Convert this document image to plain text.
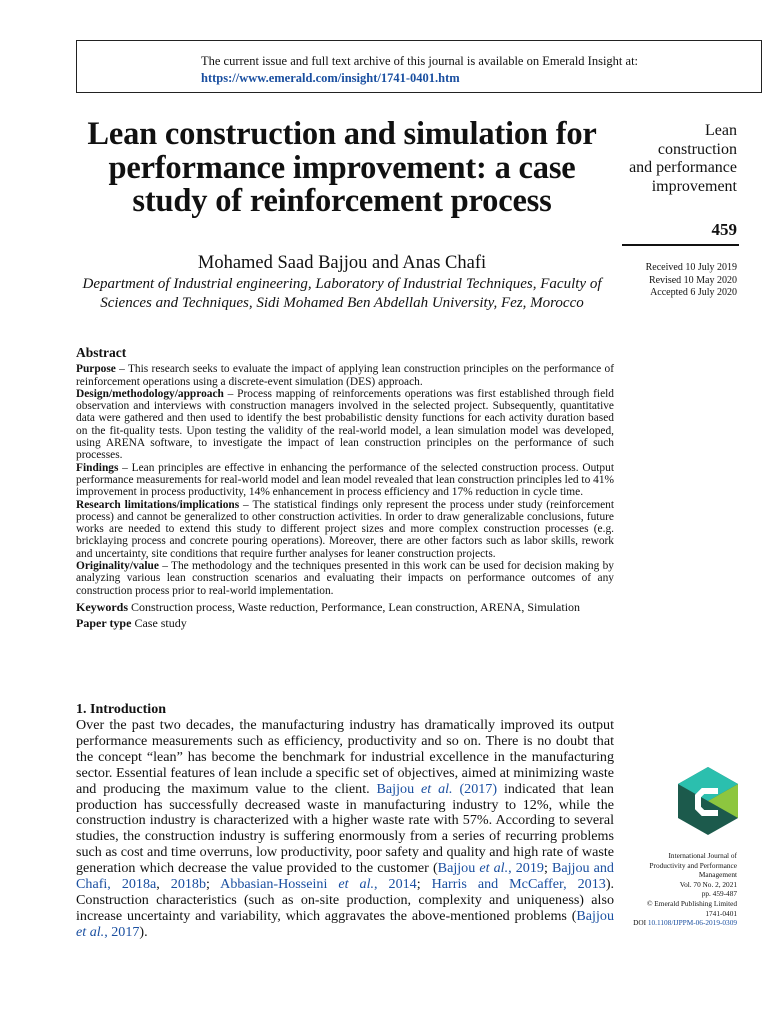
The current issue and full text archive of this journal is available on Emerald Insight at:
https://www.emerald.com/insight/1741-0401.htm
Lean construction and simulation for performance improvement: a case study of reinforcement process
Mohamed Saad Bajjou and Anas Chafi
Department of Industrial engineering, Laboratory of Industrial Techniques, Faculty of Sciences and Techniques, Sidi Mohamed Ben Abdellah University, Fez, Morocco
Lean
construction
and performance
improvement
459
Received 10 July 2019
Revised 10 May 2020
Accepted 6 July 2020
Abstract

Purpose – This research seeks to evaluate the impact of applying lean construction principles on the performance of reinforcement operations using a discrete-event simulation (DES) approach.

Design/methodology/approach – Process mapping of reinforcements operations was first established through field observation and interviews with construction managers involved in the selected project. Subsequently, quantitative data were gathered and then used to identify the best probabilistic density functions for each activity duration based on the fit-quality tests. Upon testing the validity of the real-world model, a lean simulation model was developed, using ARENA software, to investigate the impact of lean construction principles on the performance of such processes.

Findings – Lean principles are effective in enhancing the performance of the selected construction process. Output performance measurements for real-world model and lean model revealed that lean construction principles led to 41% improvement in process productivity, 14% enhancement in process efficiency and 17% reduction in cycle time.

Research limitations/implications – The statistical findings only represent the process under study (reinforcement process) and cannot be generalized to other construction activities. In order to draw generalizable conclusions, future works are needed to extend this study to different project sizes and more complex construction processes (e.g. bricklaying process and concrete pouring operations). Moreover, there are other factors such as labor skills, rework and uncertainty, site conditions that require further analyses for leaner construction projects.

Originality/value – The methodology and the techniques presented in this work can be used for decision making by analyzing various lean construction scenarios and evaluating their impacts on performance outcomes of any construction process prior to real-world implementation.

Keywords Construction process, Waste reduction, Performance, Lean construction, ARENA, Simulation

Paper type Case study

1. Introduction

Over the past two decades, the manufacturing industry has dramatically improved its output performance measurements such as efficiency, productivity and so on. There is no doubt that the concept “lean” has become the benchmark for industrial excellence in the manufacturing sector. Essential features of lean include a specific set of objectives, aimed at minimizing waste and producing the maximum value to the client. Bajjou et al. (2017) indicated that lean production has successfully decreased waste in manufacturing industry to 12%, while the construction industry is characterized with a higher waste rate with 57%. According to several studies, the construction industry is suffering enormously from a series of recurring problems such as cost and time overruns, low productivity, poor safety and quality and high rate of waste generation which decrease the value provided to the customer (Bajjou et al., 2019; Bajjou and Chafi, 2018a, 2018b; Abbasian-Hosseini et al., 2014; Harris and McCaffer, 2013). Construction characteristics (such as on-site production, complexity and uniqueness) also increase uncertainty and variability, which aggravates the above-mentioned problems (Bajjou et al., 2017).

International Journal of
Productivity and Performance
Management
Vol. 70 No. 2, 2021
pp. 459-487
© Emerald Publishing Limited
1741-0401
DOI 10.1108/IJPPM-06-2019-0309
